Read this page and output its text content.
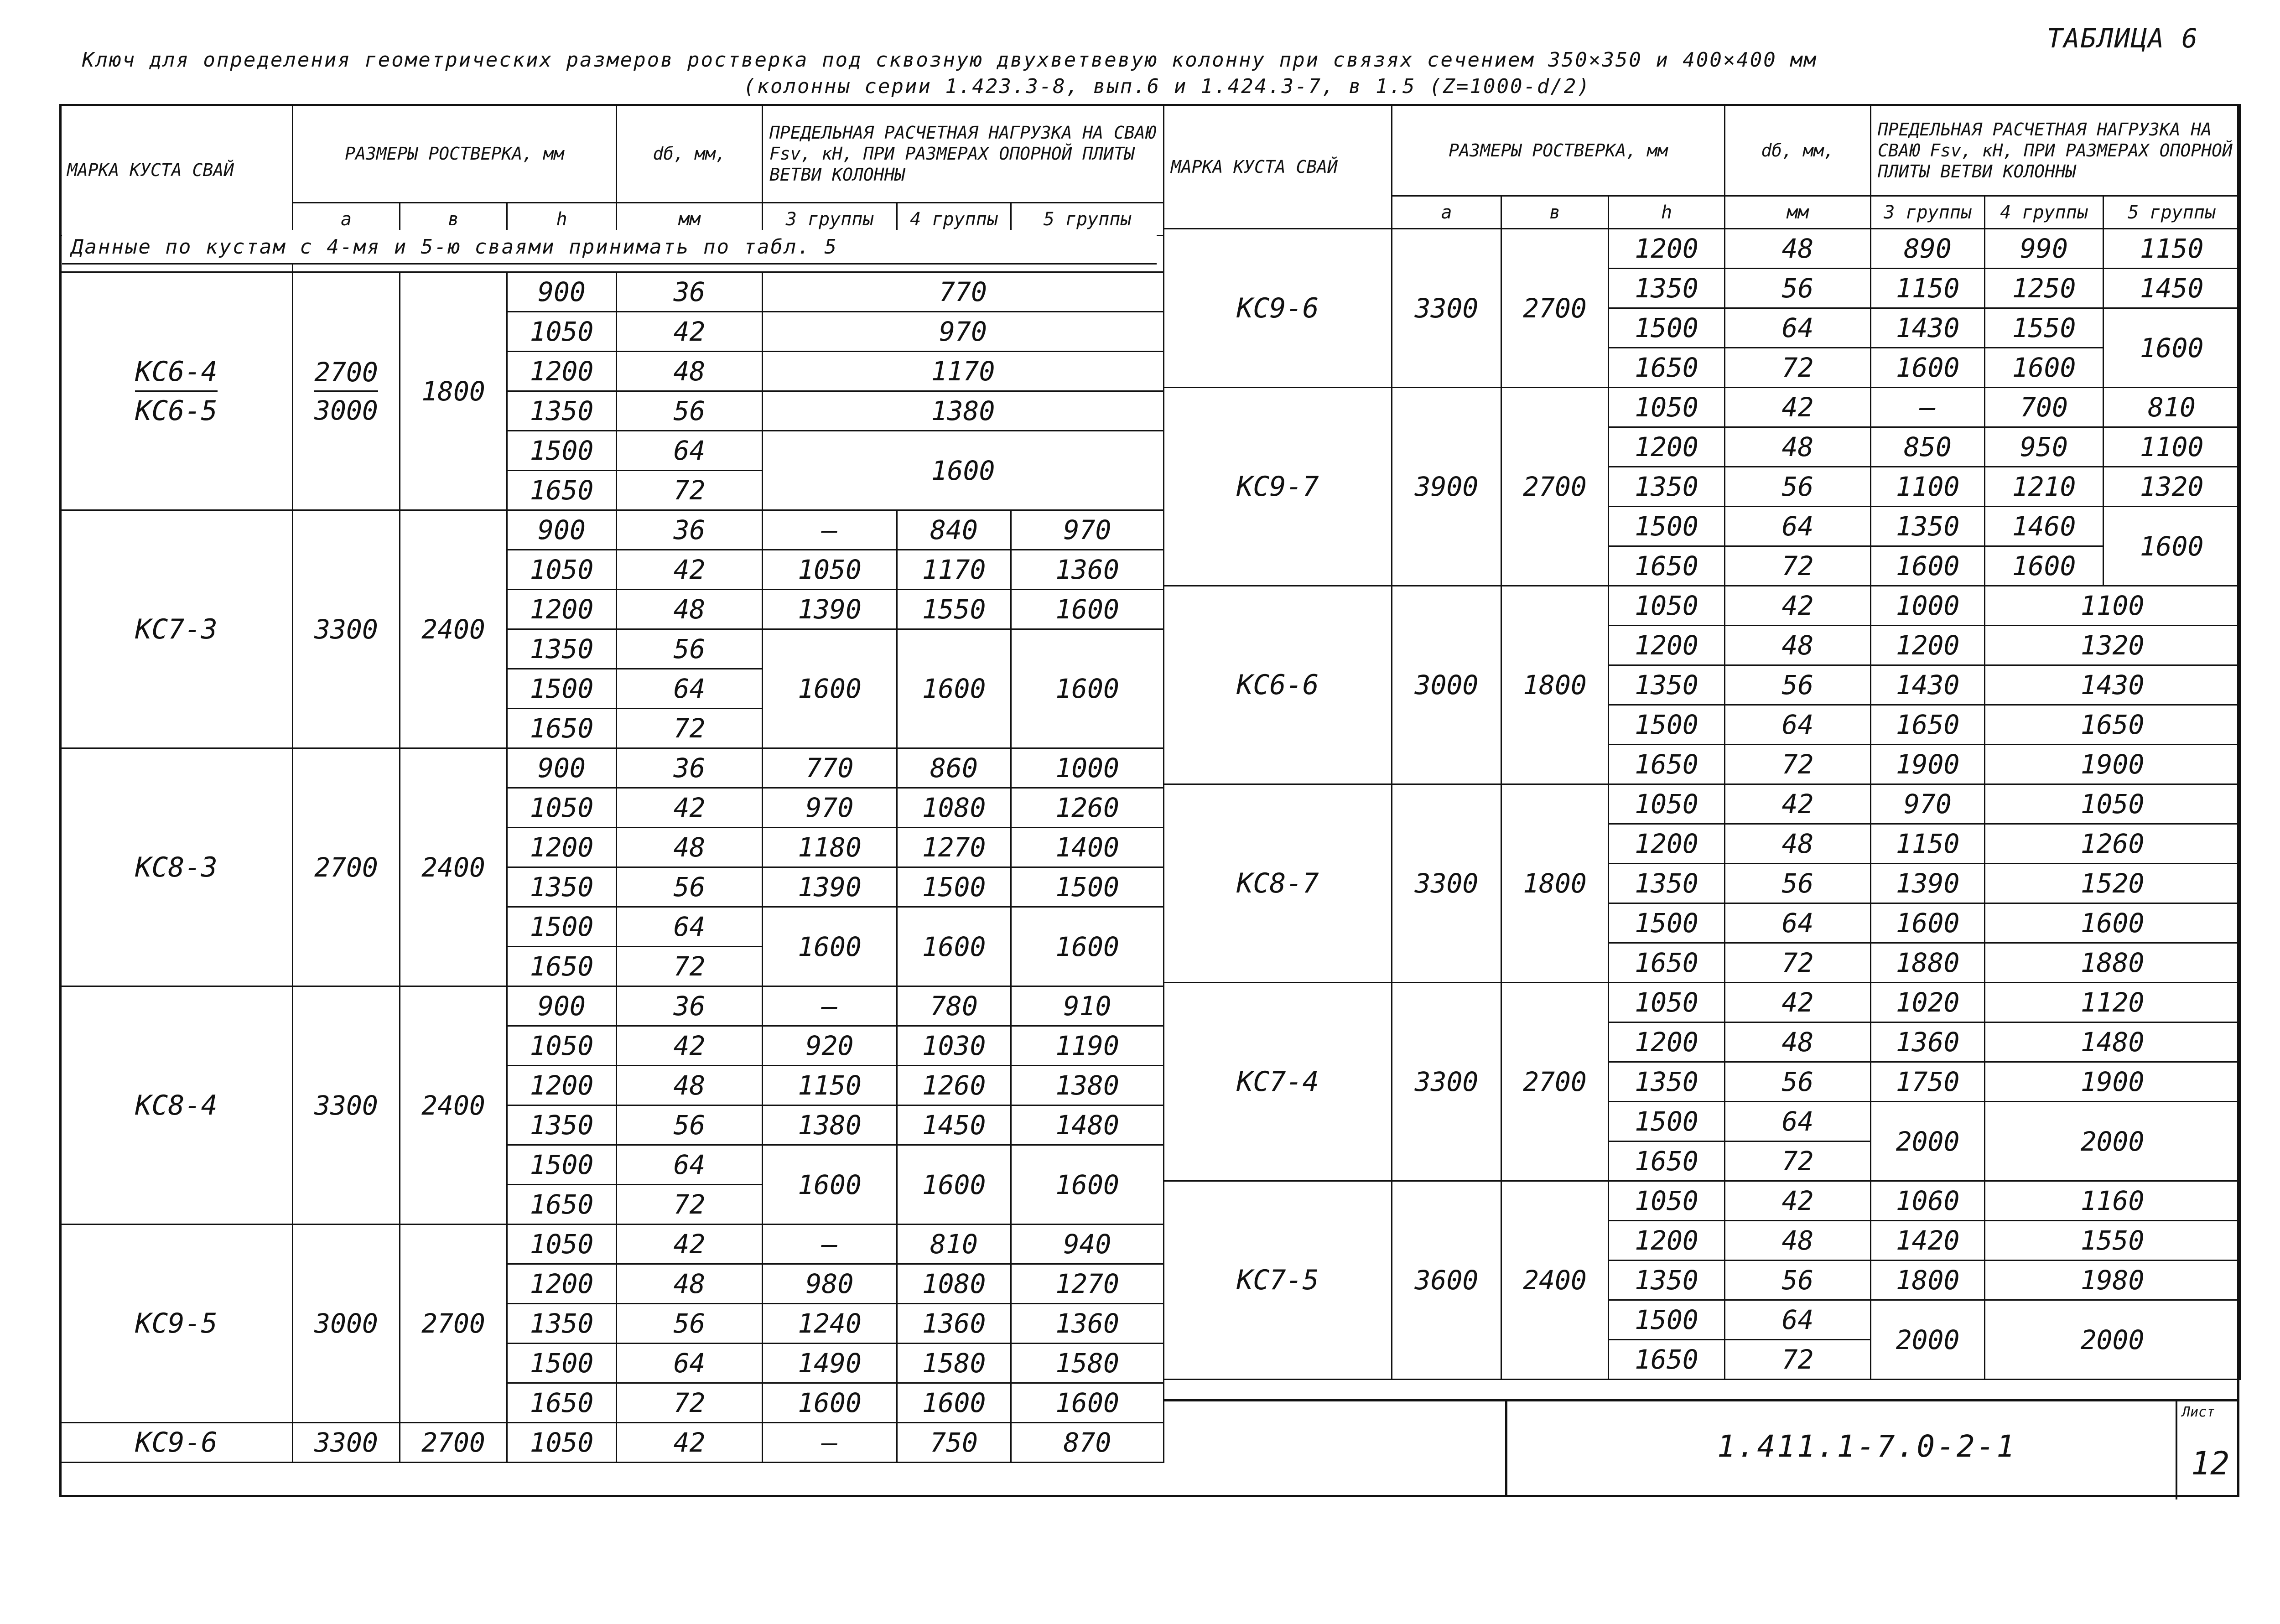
ТАБЛИЦА 6
Ключ для определения геометрических размеров ростверка под сквозную двухветвевую колонну при связях сечением 350×350 и 400×400 мм
(колонны серии 1.423.3-8, вып.6 и 1.424.3-7, в 1.5 (Z=1000-d/2)
МАРКА КУСТА СВАЙ	РАЗМЕРЫ РОСТВЕРКА, мм			dб, мм,	ПРЕДЕЛЬНАЯ РАСЧЕТНАЯ НАГРУЗКА НА СВАЮ Fsv, кН, ПРИ РАЗМЕРАХ ОПОРНОЙ ПЛИТЫ ВЕТВИ КОЛОННЫ		
	a	в	h	мм	3 группы	4 группы	5 группы

$\frac{КС6-4}{КС6-5}$	$\frac{2700}{3000}$	1800	900	36	770		
			1050	42	970		
			1200	48	1170		
			1350	56	1380		
			1500	64	1600		
			1650	72			
КС7-3	3300	2400	900	36	—	840	970
			1050	42	1050	1170	1360
			1200	48	1390	1550	1600
			1350	56	1600	1600	1600
			1500	64			
			1650	72			
КС8-3	2700	2400	900	36	770	860	1000
			1050	42	970	1080	1260
			1200	48	1180	1270	1400
			1350	56	1390	1500	1500
			1500	64	1600	1600	1600
			1650	72			
КС8-4	3300	2400	900	36	—	780	910
			1050	42	920	1030	1190
			1200	48	1150	1260	1380
			1350	56	1380	1450	1480
			1500	64	1600	1600	1600
			1650	72			
КС9-5	3000	2700	1050	42	—	810	940
			1200	48	980	1080	1270
			1350	56	1240	1360	1360
			1500	64	1490	1580	1580
			1650	72	1600	1600	1600
КС9-6	3300	2700	1050	42	—	750	870
Данные по кустам с 4-мя и 5-ю сваями принимать по табл. 5
МАРКА КУСТА СВАЙ	РАЗМЕРЫ РОСТВЕРКА, мм			dб, мм,	ПРЕДЕЛЬНАЯ РАСЧЕТНАЯ НАГРУЗКА НА СВАЮ Fsv, кН, ПРИ РАЗМЕРАХ ОПОРНОЙ ПЛИТЫ ВЕТВИ КОЛОННЫ		
	a	в	h	мм	3 группы	4 группы	5 группы
КС9-6	3300	2700	1200	48	890	990	1150
			1350	56	1150	1250	1450
			1500	64	1430	1550	1600
			1650	72	1600	1600	
КС9-7	3900	2700	1050	42	—	700	810
			1200	48	850	950	1100
			1350	56	1100	1210	1320
			1500	64	1350	1460	1600
			1650	72	1600	1600	
КС6-6	3000	1800	1050	42	1000	1100	
			1200	48	1200	1320	
			1350	56	1430	1430	
			1500	64	1650	1650	
			1650	72	1900	1900	
КС8-7	3300	1800	1050	42	970	1050	
			1200	48	1150	1260	
			1350	56	1390	1520	
			1500	64	1600	1600	
			1650	72	1880	1880	
КС7-4	3300	2700	1050	42	1020	1120	
			1200	48	1360	1480	
			1350	56	1750	1900	
			1500	64	2000	2000	
			1650	72			
КС7-5	3600	2400	1050	42	1060	1160	
			1200	48	1420	1550	
			1350	56	1800	1980	
			1500	64	2000	2000	
			1650	72			
1.411.1-7.0-2-1
Лист
12
